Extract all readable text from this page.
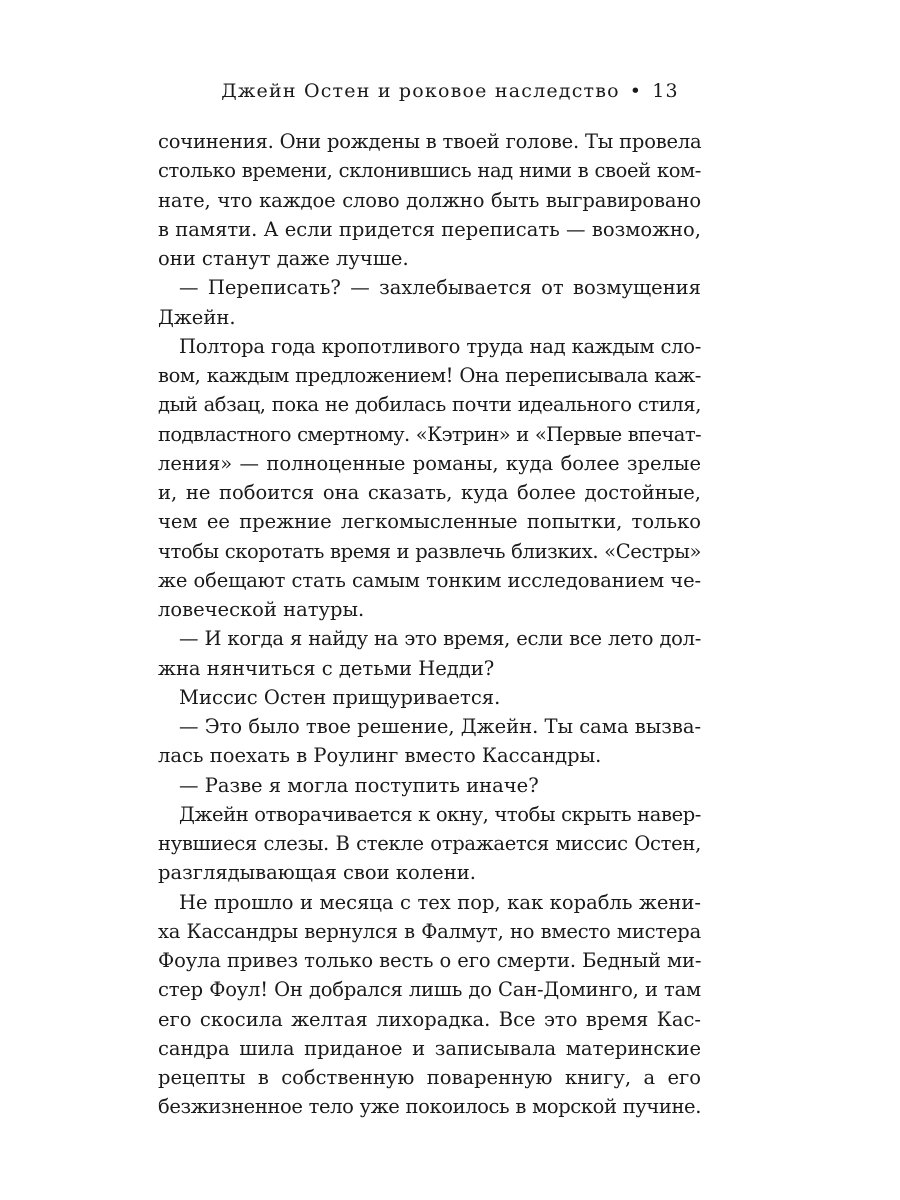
Джейн Остен и роковое наследство • 13
сочинения. Они рождены в твоей голове. Ты провела
столько времени, склонившись над ними в своей ком-
нате, что каждое слово должно быть выгравировано
в памяти. А если придется переписать — возможно,
они станут даже лучше.
— Переписать? — захлебывается от возмущения
Джейн.
Полтора года кропотливого труда над каждым сло-
вом, каждым предложением! Она переписывала каж-
дый абзац, пока не добилась почти идеального стиля,
подвластного смертному. «Кэтрин» и «Первые впечат-
ления» — полноценные романы, куда более зрелые
и, не побоится она сказать, куда более достойные,
чем ее прежние легкомысленные попытки, только
чтобы скоротать время и развлечь близких. «Сестры»
же обещают стать самым тонким исследованием че-
ловеческой натуры.
— И когда я найду на это время, если все лето дол-
жна нянчиться с детьми Недди?
Миссис Остен прищуривается.
— Это было твое решение, Джейн. Ты сама вызва-
лась поехать в Роулинг вместо Кассандры.
— Разве я могла поступить иначе?
Джейн отворачивается к окну, чтобы скрыть навер-
нувшиеся слезы. В стекле отражается миссис Остен,
разглядывающая свои колени.
Не прошло и месяца с тех пор, как корабль жени-
ха Кассандры вернулся в Фалмут, но вместо мистера
Фоула привез только весть о его смерти. Бедный ми-
стер Фоул! Он добрался лишь до Сан-Доминго, и там
его скосила желтая лихорадка. Все это время Кас-
сандра шила приданое и записывала материнские
рецепты в собственную поваренную книгу, а его
безжизненное тело уже покоилось в морской пучине.
